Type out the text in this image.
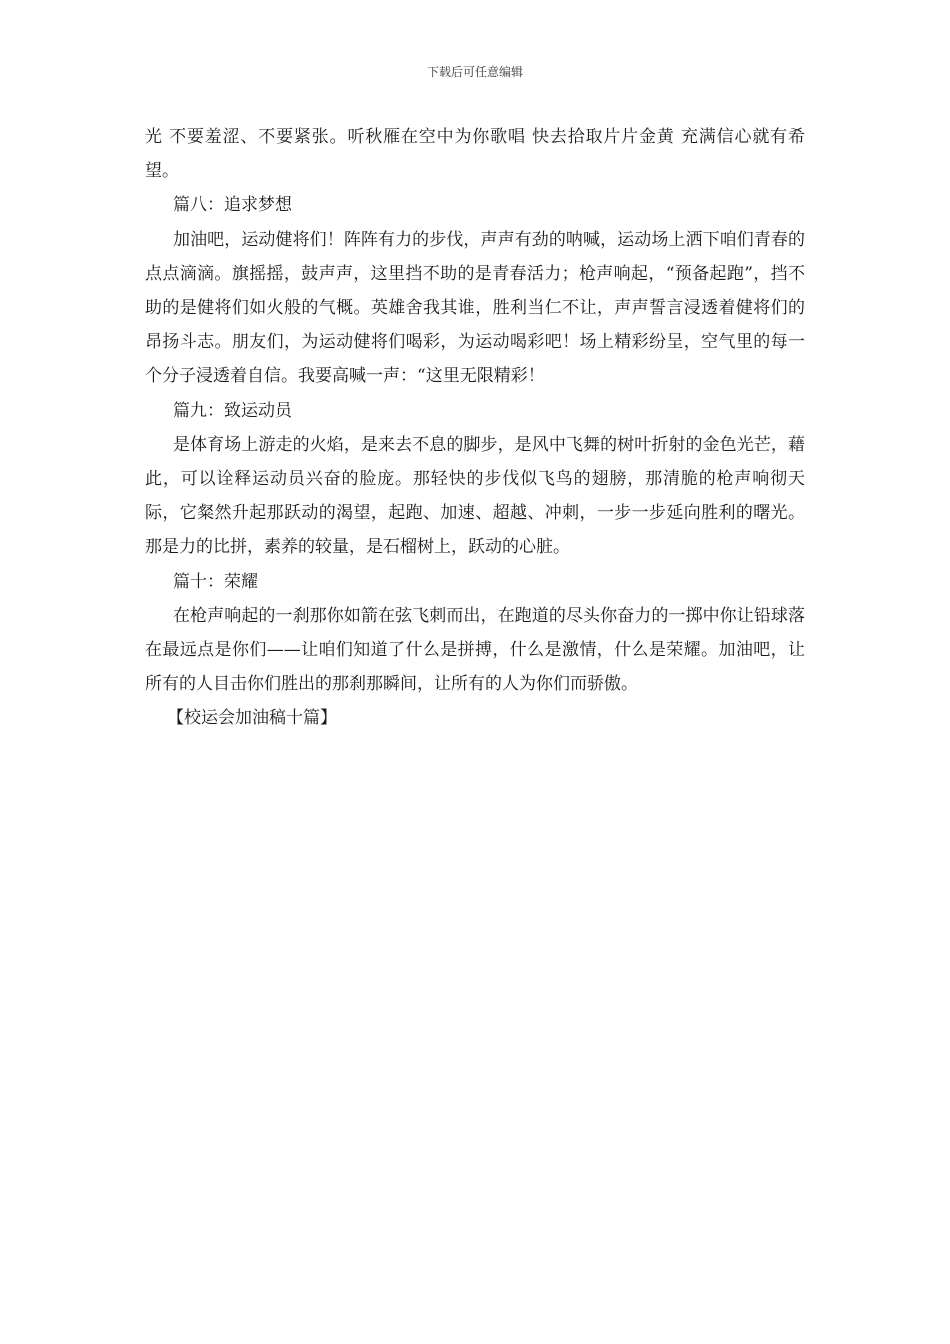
下载后可任意编辑

光 不要羞涩、不要紧张。听秋雁在空中为你歌唱 快去拾取片片金黄 充满信心就有希望。

篇八：追求梦想

加油吧，运动健将们！阵阵有力的步伐，声声有劲的呐喊，运动场上洒下咱们青春的点点滴滴。旗摇摇，鼓声声，这里挡不助的是青春活力；枪声响起，“预备起跑”，挡不助的是健将们如火般的气概。英雄舍我其谁，胜利当仁不让，声声誓言浸透着健将们的昂扬斗志。朋友们，为运动健将们喝彩，为运动喝彩吧！场上精彩纷呈，空气里的每一个分子浸透着自信。我要高喊一声：“这里无限精彩！

篇九：致运动员

是体育场上游走的火焰，是来去不息的脚步，是风中飞舞的树叶折射的金色光芒，藉此，可以诠释运动员兴奋的脸庞。那轻快的步伐似飞鸟的翅膀，那清脆的枪声响彻天际，它粲然升起那跃动的渴望，起跑、加速、超越、冲刺，一步一步延向胜利的曙光。那是力的比拼，素养的较量，是石榴树上，跃动的心脏。

篇十：荣耀

在枪声响起的一刹那你如箭在弦飞刺而出，在跑道的尽头你奋力的一掷中你让铅球落在最远点是你们——让咱们知道了什么是拼搏，什么是激情，什么是荣耀。加油吧，让所有的人目击你们胜出的那刹那瞬间，让所有的人为你们而骄傲。

【校运会加油稿十篇】
